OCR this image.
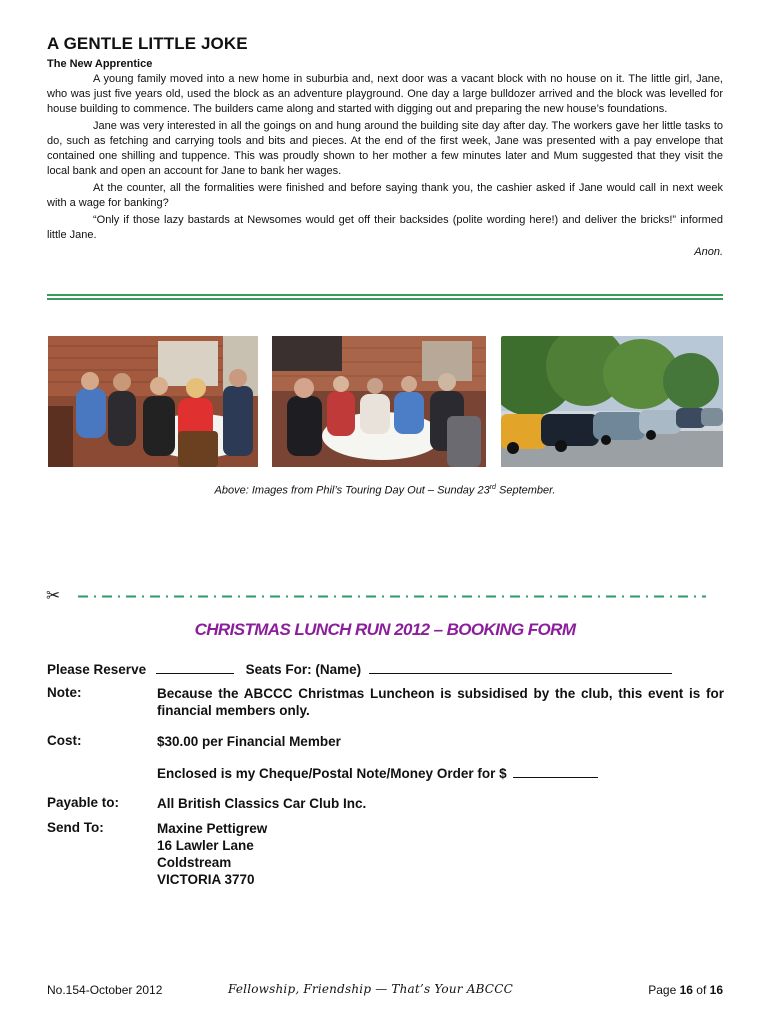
A GENTLE LITTLE JOKE
The New Apprentice

A young family moved into a new home in suburbia and, next door was a vacant block with no house on it. The little girl, Jane, who was just five years old, used the block as an adventure playground. One day a large bulldozer arrived and the block was levelled for house building to commence. The builders came along and started with digging out and preparing the new house’s foundations.

Jane was very interested in all the goings on and hung around the building site day after day. The workers gave her little tasks to do, such as fetching and carrying tools and bits and pieces. At the end of the first week, Jane was presented with a pay envelope that contained one shilling and tuppence. This was proudly shown to her mother a few minutes later and Mum suggested that they visit the local bank and open an account for Jane to bank her wages.

At the counter, all the formalities were finished and before saying thank you, the cashier asked if Jane would call in next week with a wage for banking?

“Only if those lazy bastards at Newsomes would get off their backsides (polite wording here!) and deliver the bricks!” informed little Jane.

Anon.

Above: Images from Phil’s Touring Day Out – Sunday 23rd September.
✂
CHRISTMAS LUNCH RUN 2012 – BOOKING FORM
Please Reserve	Seats For: (Name)
Note:	Because the ABCCC Christmas Luncheon is subsidised by the club, this event is for financial members only.
Cost:	$30.00 per Financial Member
Enclosed is my Cheque/Postal Note/Money Order for $
Payable to:	All British Classics Car Club Inc.
Send To:	Maxine Pettigrew
16 Lawler Lane
Coldstream
VICTORIA 3770
No.154-October 2012	Fellowship, Friendship — That’s Your ABCCC	Page 16 of 16
